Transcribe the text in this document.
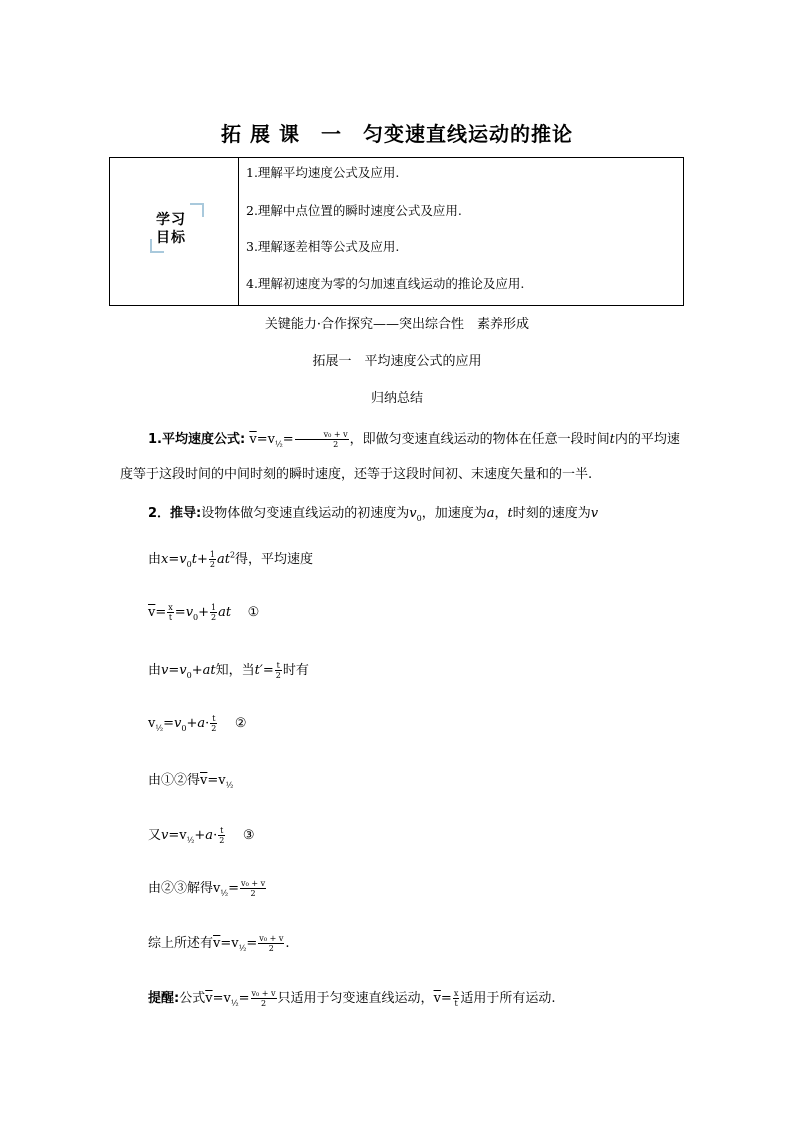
拓 展 课　一　匀变速直线运动的推论
学习
目标
1.理解平均速度公式及应用.
2.理解中点位置的瞬时速度公式及应用.
3.理解逐差相等公式及应用.
4.理解初速度为零的匀加速直线运动的推论及应用.
关键能力·合作探究——突出综合性　素养形成
拓展一　平均速度公式的应用
归纳总结
1.平均速度公式: $\overline{v}=v_{\frac{1}{2}}= \frac{\text{v₀ + v}}{2}$ ，即做匀变速直线运动的物体在任意一段时间t内的平均速度等于这段时间的中间时刻的瞬时速度，还等于这段时间初、末速度矢量和的一半.
2．推导:设物体做匀变速直线运动的初速度为$v_0$，加速度为a，t时刻的速度为v
由$x=v_0t+ \frac{1}{2} at^2$得，平均速度
$\overline{v}= \frac{x}{t} =v_0+ \frac{1}{2}$ at ①
由$v=v_0+at$知，当$t'= \frac{t}{2}$ 时有
$v_{\frac{1}{2}}=v_0+a\cdot \frac{t}{2}$ ②
由①②得$\overline{v}=v_{\frac{1}{2}}$
又$v=v_{\frac{1}{2}}+a\cdot \frac{t}{2}$ ③
由②③解得$v_{\frac{1}{2}}= \frac{\text{v₀ + v}}{2}$
综上所述有$\overline{v}=v_{\frac{1}{2}}= \frac{\text{v₀ + v}}{2}$ .
提醒:公式$\overline{v}=v_{\frac{1}{2}}= \frac{\text{v₀ + v}}{2}$ 只适用于匀变速直线运动，$\overline{v}= \frac{x}{t}$ 适用于所有运动.
